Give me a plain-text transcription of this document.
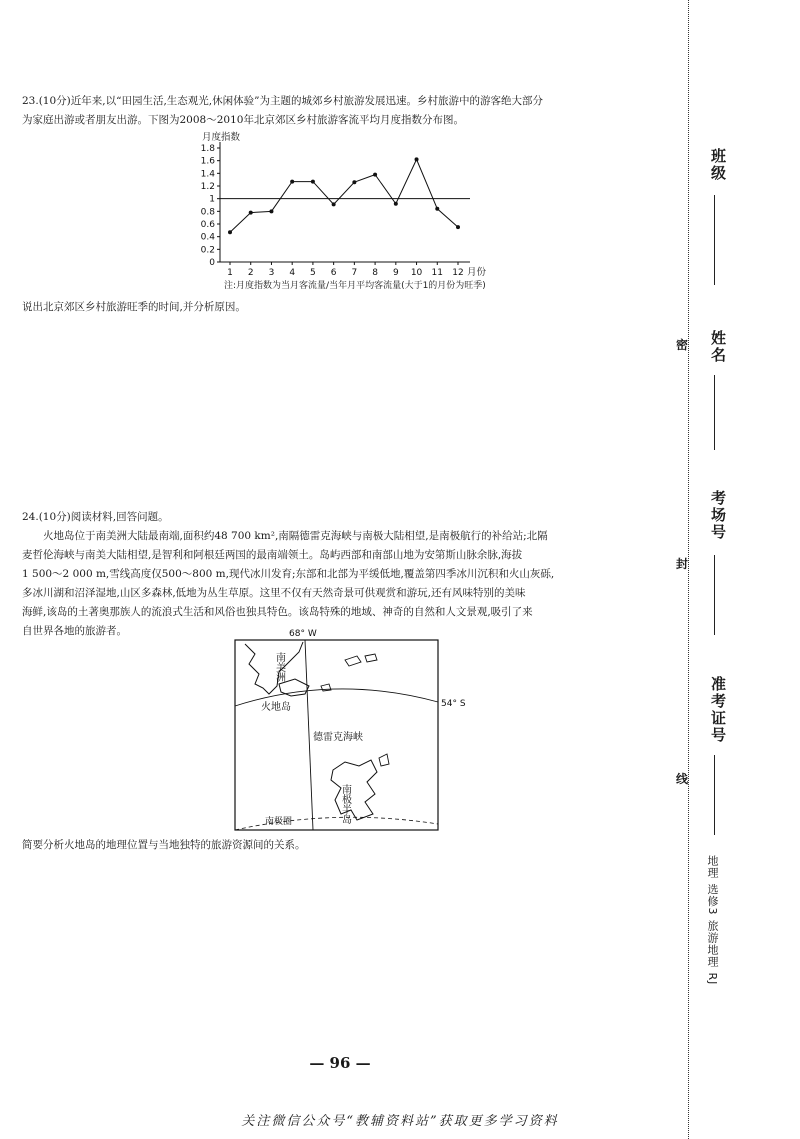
23.(10分)近年来,以“田园生活,生态观光,休闲体验”为主题的城郊乡村旅游发展迅速。乡村旅游中的游客绝大部分

为家庭出游或者朋友出游。下图为2008～2010年北京郊区乡村旅游客流平均月度指数分布图。

月度指数
0
0.2
0.4
0.6
0.8
1
1.2
1.4
1.6
1.8
1 2 3 4 5 6 7 8 9 10 11 12 月份
注:月度指数为当月客流量/当年月平均客流量(大于1的月份为旺季)

说出北京郊区乡村旅游旺季的时间,并分析原因。

24.(10分)阅读材料,回答问题。

火地岛位于南美洲大陆最南端,面积约48 700 km²,南隔德雷克海峡与南极大陆相望,是南极航行的补给站;北隔

麦哲伦海峡与南美大陆相望,是智利和阿根廷两国的最南端领土。岛屿西部和南部山地为安第斯山脉余脉,海拔

1 500～2 000 m,雪线高度仅500～800 m,现代冰川发育;东部和北部为平缓低地,覆盖第四季冰川沉积和火山灰砾,

多冰川湖和沼泽湿地,山区多森林,低地为丛生草原。这里不仅有天然奇景可供观赏和游玩,还有风味特别的美味

海鲜,该岛的土著奥那族人的流浪式生活和风俗也独具特色。该岛特殊的地域、神奇的自然和人文景观,吸引了来

自世界各地的旅游者。	68° W
54° S
南美洲
火地岛
德雷克海峡
南极半岛
南极圈

简要分析火地岛的地理位置与当地独特的旅游资源间的关系。

班级
姓名
考场号
准考证号
密
封
线
地理 选修3 旅游地理 RJ
— 96 —
关注微信公众号“教辅资料站”获取更多学习资料
